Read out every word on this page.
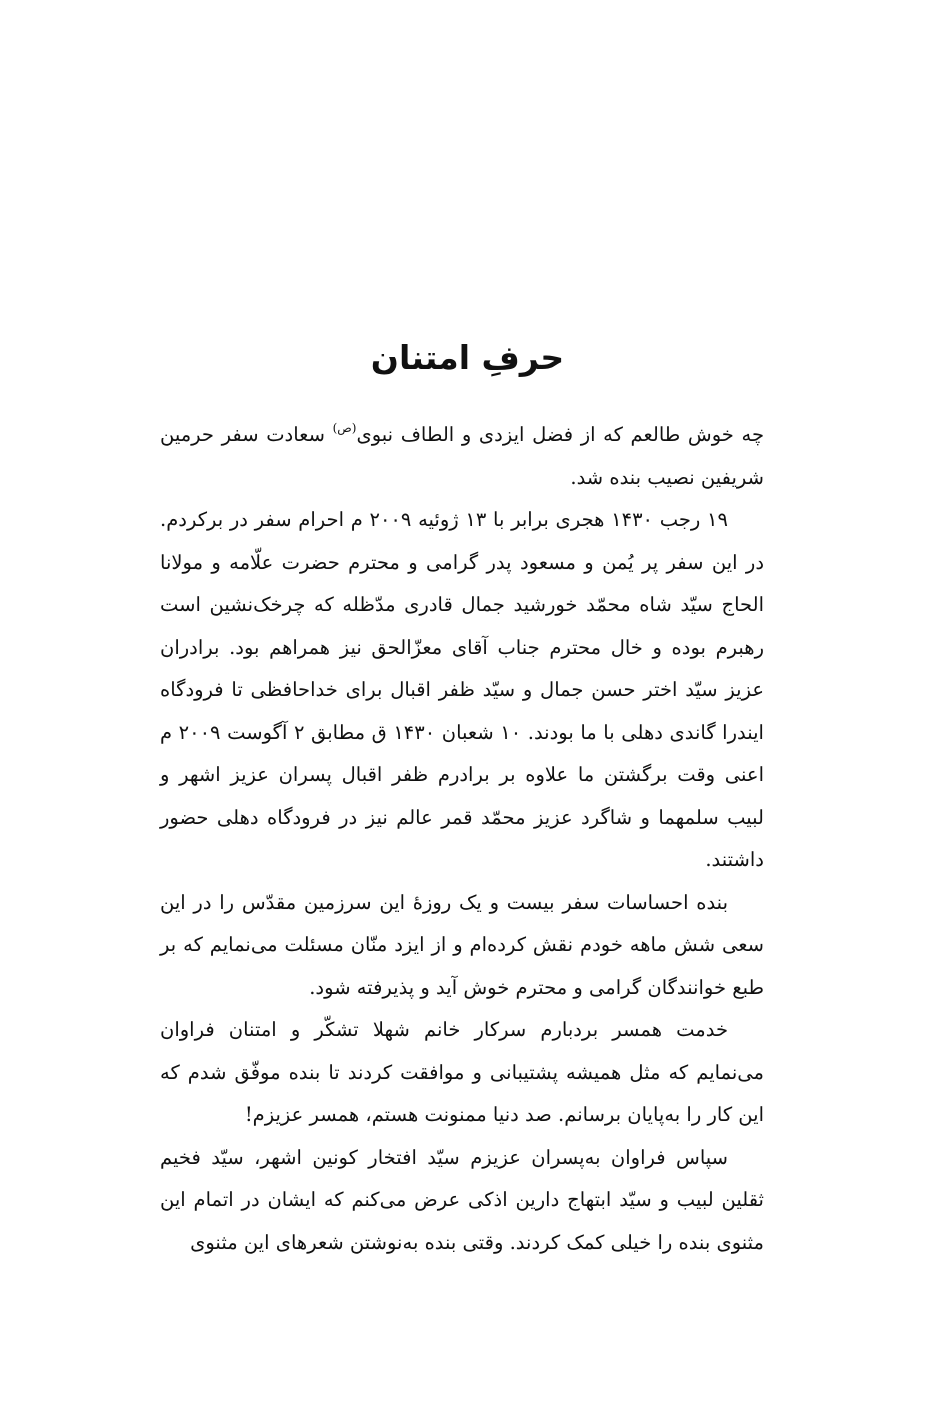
حرفِ امتنان

چه خوش طالعم که از فضل ایزدی و الطاف نبوی$^{(ص)}$ سعادت سفر حرمین شریفین نصیب بنده شد.

۱۹ رجب ۱۴۳۰ هجری برابر با ۱۳ ژوئیه ۲۰۰۹ م احرام سفر در برکردم. در این سفر پر یُمن و مسعود پدر گرامی و محترم حضرت علّامه و مولانا الحاج سیّد شاه محمّد خورشید جمال قادری مدّظله که چرخک‌نشین است رهبرم بوده و خال محترم جناب آقای معزّالحق نیز همراهم بود. برادران عزیز سیّد اختر حسن جمال و سیّد ظفر اقبال برای خداحافظی تا فرودگاه ایندرا گاندی دهلی با ما بودند. ۱۰ شعبان ۱۴۳۰ ق مطابق ۲ آگوست ۲۰۰۹ م اعنی وقت برگشتن ما علاوه بر برادرم ظفر اقبال پسران عزیز اشهر و لبیب سلمهما و شاگرد عزیز محمّد قمر عالم نیز در فرودگاه دهلی حضور داشتند.

بنده احساسات سفر بیست و یک روزۀ این سرزمین مقدّس را در این سعی شش ماهه خودم نقش کرده‌ام و از ایزد منّان مسئلت می‌نمایم که بر طبع خوانندگان گرامی و محترم خوش آید و پذیرفته شود.

خدمت همسر بردبارم سرکار خانم شهلا تشکّر و امتنان فراوان می‌نمایم که مثل همیشه پشتیبانی و موافقت کردند تا بنده موفّق شدم که این کار را به‌پایان برسانم. صد دنیا ممنونت هستم، همسر عزیزم!

سپاس فراوان به‌پسران عزیزم سیّد افتخار کونین اشهر، سیّد فخیم ثقلین لبیب و سیّد ابتهاج دارین اذکی عرض می‌کنم که ایشان در اتمام این مثنوی بنده را خیلی کمک کردند. وقتی بنده به‌نوشتن شعرهای این مثنوی
